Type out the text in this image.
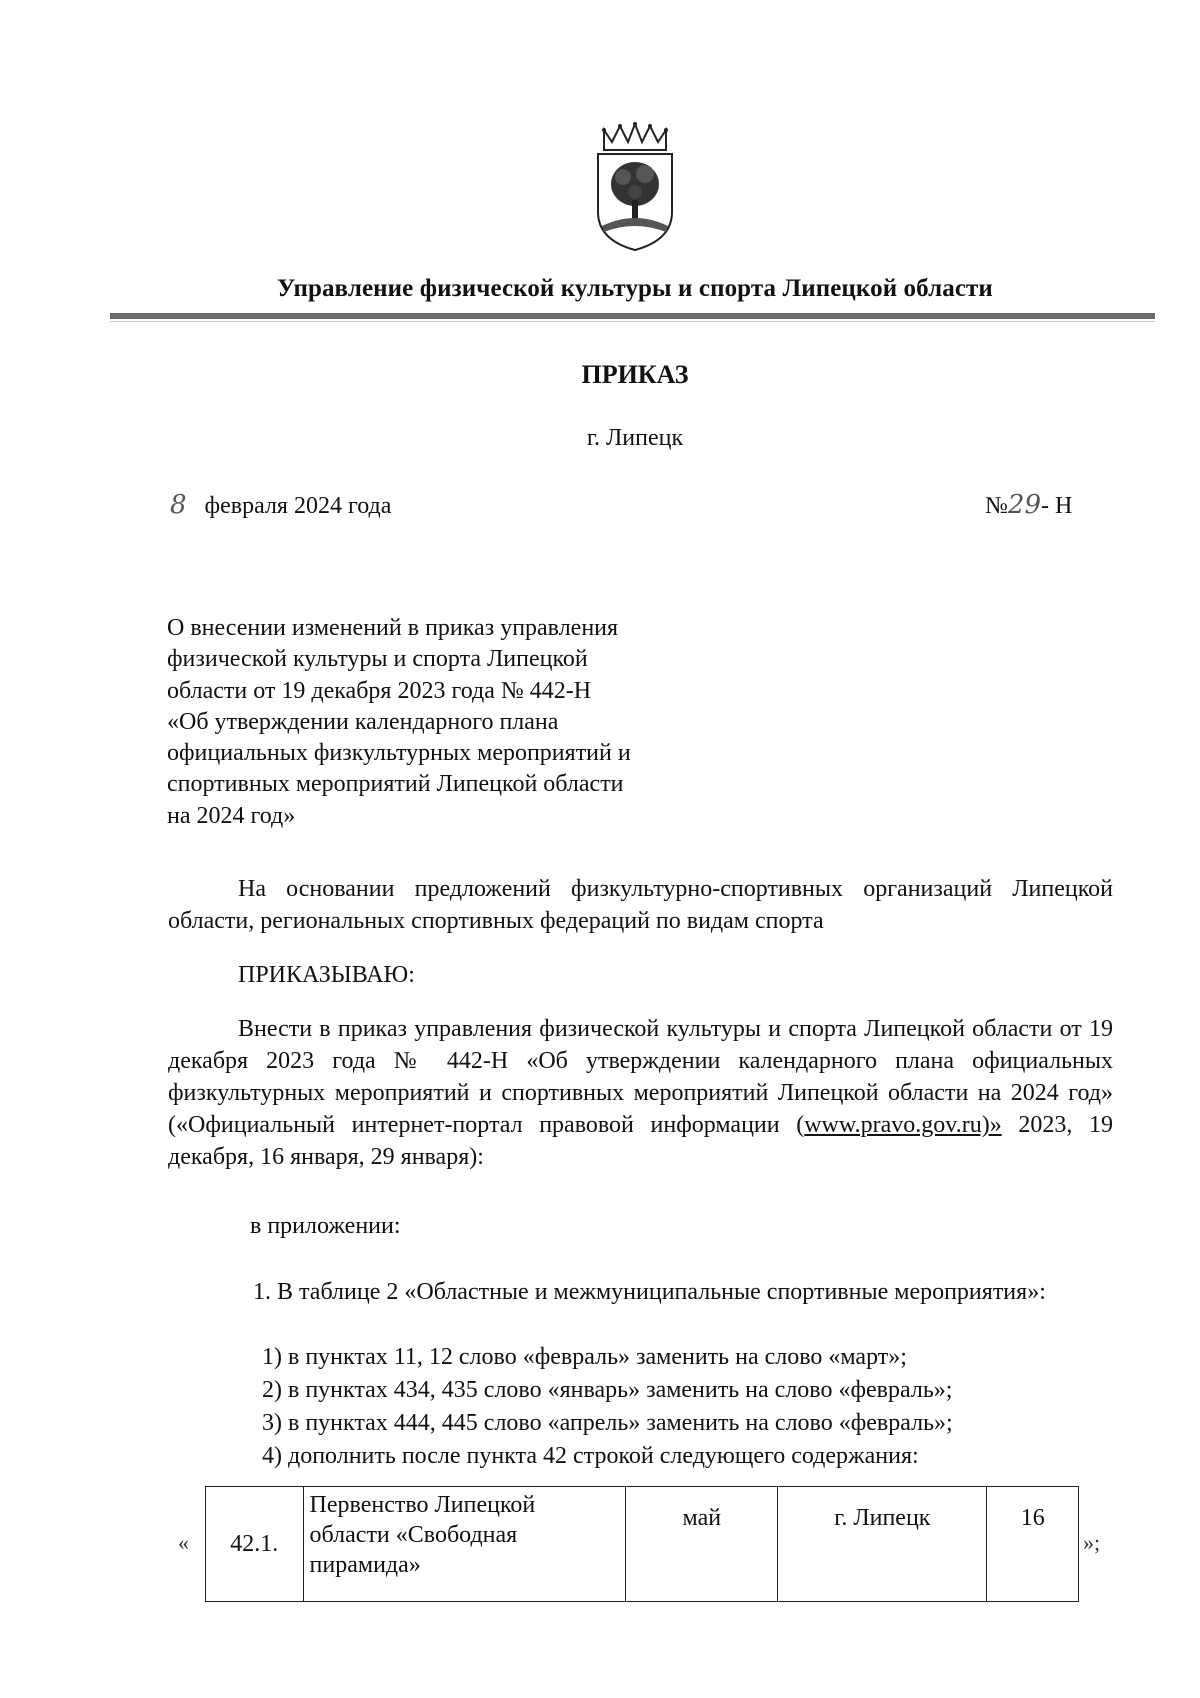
Управление физической культуры и спорта Липецкой области
ПРИКАЗ
г. Липецк
8 февраля 2024 года	№29- Н
О внесении изменений в приказ управления
физической культуры и спорта Липецкой
области от 19 декабря 2023 года № 442-Н
«Об утверждении календарного плана
официальных физкультурных мероприятий и
спортивных мероприятий Липецкой области
на 2024 год»
На основании предложений физкультурно-спортивных организаций Липецкой области, региональных спортивных федераций по видам спорта
ПРИКАЗЫВАЮ:
Внести в приказ управления физической культуры и спорта Липецкой области от 19 декабря 2023 года № 442-Н «Об утверждении календарного плана официальных физкультурных мероприятий и спортивных мероприятий Липецкой области на 2024 год» («Официальный интернет-портал правовой информации (www.pravo.gov.ru)» 2023, 19 декабря, 16 января, 29 января):
в приложении:
1. В таблице 2 «Областные и межмуниципальные спортивные мероприятия»:
1) в пунктах 11, 12 слово «февраль» заменить на слово «март»;
2) в пунктах 434, 435 слово «январь» заменить на слово «февраль»;
3) в пунктах 444, 445 слово «апрель» заменить на слово «февраль»;
4) дополнить после пункта 42 строкой следующего содержания:
« 42.1.	Первенство Липецкой области «Свободная пирамида»	май	г. Липецк	16
»;
